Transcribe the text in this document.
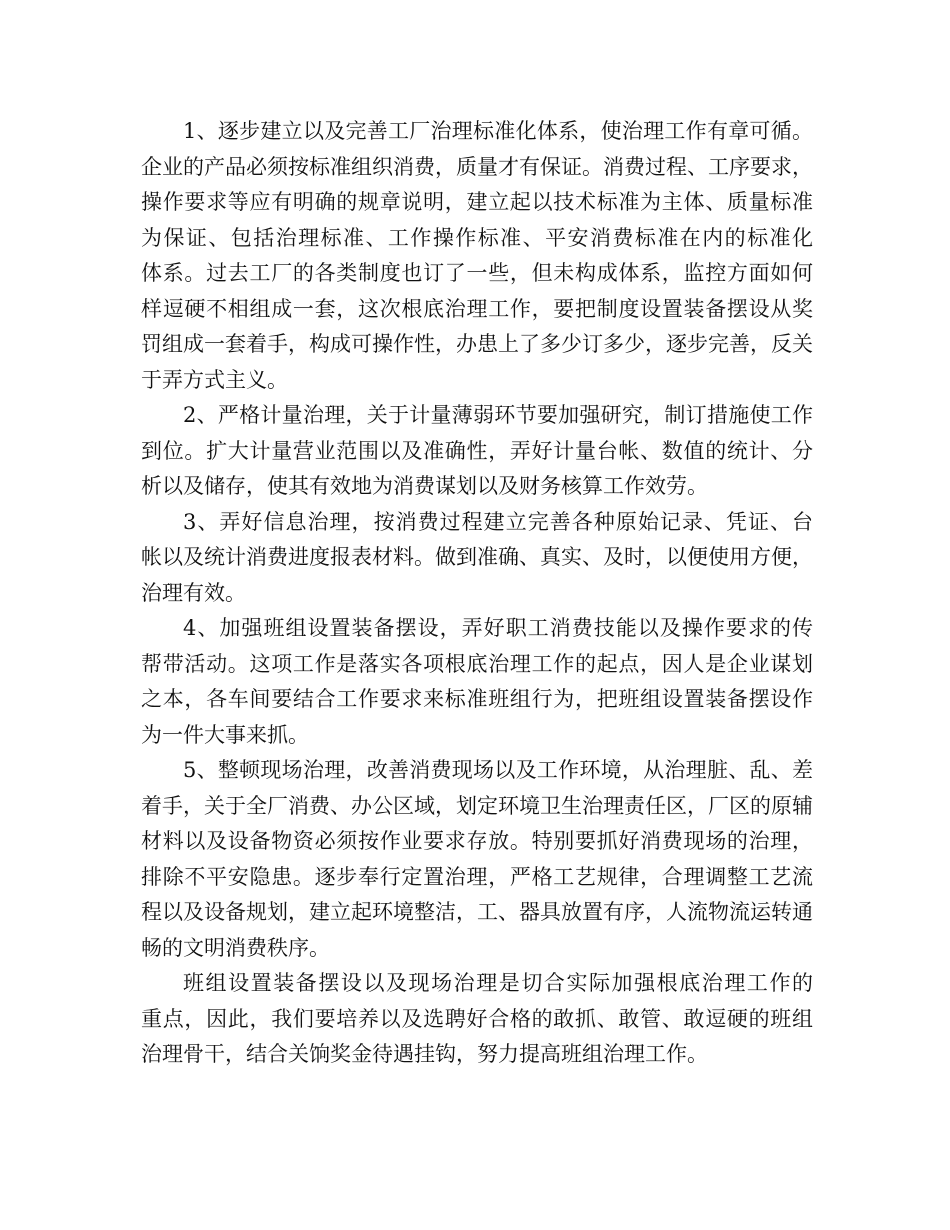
1、逐步建立以及完善工厂治理标准化体系，使治理工作有章可循。
企业的产品必须按标准组织消费，质量才有保证。消费过程、工序要求，
操作要求等应有明确的规章说明，建立起以技术标准为主体、质量标准
为保证、包括治理标准、工作操作标准、平安消费标准在内的标准化
体系。过去工厂的各类制度也订了一些，但未构成体系，监控方面如何
样逗硬不相组成一套，这次根底治理工作，要把制度设置装备摆设从奖
罚组成一套着手，构成可操作性，办患上了多少订多少，逐步完善，反关
于弄方式主义。
2、严格计量治理，关于计量薄弱环节要加强研究，制订措施使工作
到位。扩大计量营业范围以及准确性，弄好计量台帐、数值的统计、分
析以及储存，使其有效地为消费谋划以及财务核算工作效劳。
3、弄好信息治理，按消费过程建立完善各种原始记录、凭证、台
帐以及统计消费进度报表材料。做到准确、真实、及时，以便使用方便，
治理有效。
4、加强班组设置装备摆设，弄好职工消费技能以及操作要求的传
帮带活动。这项工作是落实各项根底治理工作的起点，因人是企业谋划
之本，各车间要结合工作要求来标准班组行为，把班组设置装备摆设作
为一件大事来抓。
5、整顿现场治理，改善消费现场以及工作环境，从治理脏、乱、差
着手，关于全厂消费、办公区域，划定环境卫生治理责任区，厂区的原辅
材料以及设备物资必须按作业要求存放。特别要抓好消费现场的治理，
排除不平安隐患。逐步奉行定置治理，严格工艺规律，合理调整工艺流
程以及设备规划，建立起环境整洁，工、器具放置有序，人流物流运转通
畅的文明消费秩序。
班组设置装备摆设以及现场治理是切合实际加强根底治理工作的
重点，因此，我们要培养以及选聘好合格的敢抓、敢管、敢逗硬的班组
治理骨干，结合关饷奖金待遇挂钩，努力提高班组治理工作。
